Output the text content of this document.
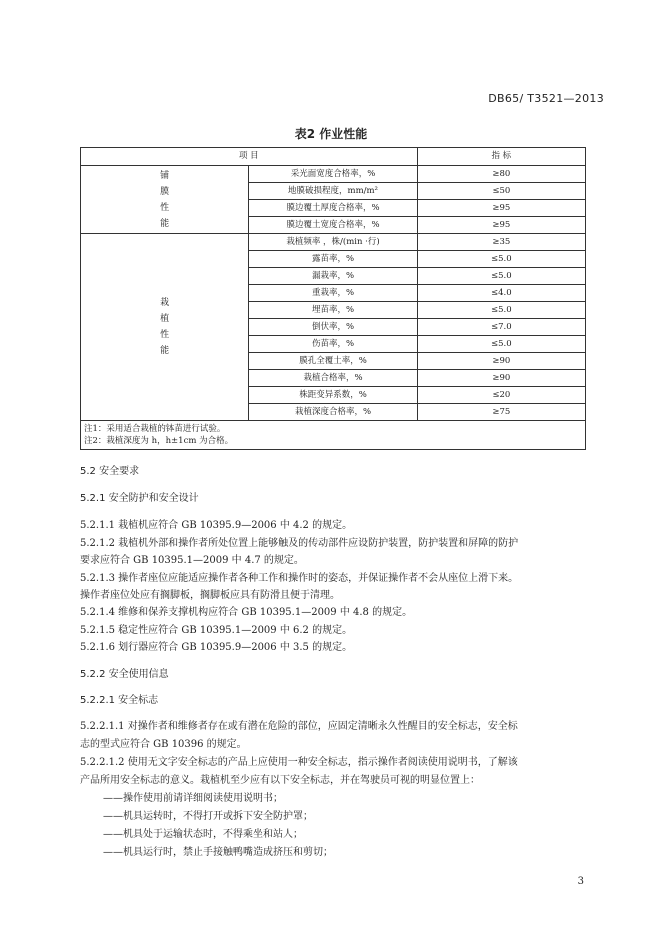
DB65/ T3521—2013
表2 作业性能
项 目		指 标
铺膜性能	采光面宽度合格率，%	≥80
	地膜破损程度，mm/m²	≤50
	膜边覆土厚度合格率，%	≥95
	膜边覆土宽度合格率，%	≥95
栽植性能	栽植频率 ，株/(min ·行)	≥35
	露苗率，%	≤5.0
	漏栽率，%	≤5.0
	重栽率，%	≤4.0
	埋苗率，%	≤5.0
	倒伏率，%	≤7.0
	伤苗率，%	≤5.0
	膜孔全覆土率，%	≥90
	栽植合格率，%	≥90
	株距变异系数，%	≤20
	栽植深度合格率，%	≥75

注1：采用适合栽植的钵苗进行试验。
注2：栽植深度为 h，h±1cm 为合格。		
5.2 安全要求
5.2.1 安全防护和安全设计
5.2.1.1 栽植机应符合 GB 10395.9—2006 中 4.2 的规定。
5.2.1.2 栽植机外部和操作者所处位置上能够触及的传动部件应设防护装置，防护装置和屏障的防护
要求应符合 GB 10395.1—2009 中 4.7 的规定。
5.2.1.3 操作者座位应能适应操作者各种工作和操作时的姿态，并保证操作者不会从座位上滑下来。
操作者座位处应有搁脚板，搁脚板应具有防滑且便于清理。
5.2.1.4 维修和保养支撑机构应符合 GB 10395.1—2009 中 4.8 的规定。
5.2.1.5 稳定性应符合 GB 10395.1—2009 中 6.2 的规定。
5.2.1.6 划行器应符合 GB 10395.9—2006 中 3.5 的规定。
5.2.2 安全使用信息
5.2.2.1 安全标志
5.2.2.1.1 对操作者和维修者存在或有潜在危险的部位，应固定清晰永久性醒目的安全标志，安全标
志的型式应符合 GB 10396 的规定。
5.2.2.1.2 使用无文字安全标志的产品上应使用一种安全标志，指示操作者阅读使用说明书，了解该
产品所用安全标志的意义。栽植机至少应有以下安全标志，并在驾驶员可视的明显位置上：
——操作使用前请详细阅读使用说明书；
——机具运转时，不得打开或拆下安全防护罩；
——机具处于运输状态时，不得乘坐和站人；
——机具运行时，禁止手接触鸭嘴造成挤压和剪切；
3
